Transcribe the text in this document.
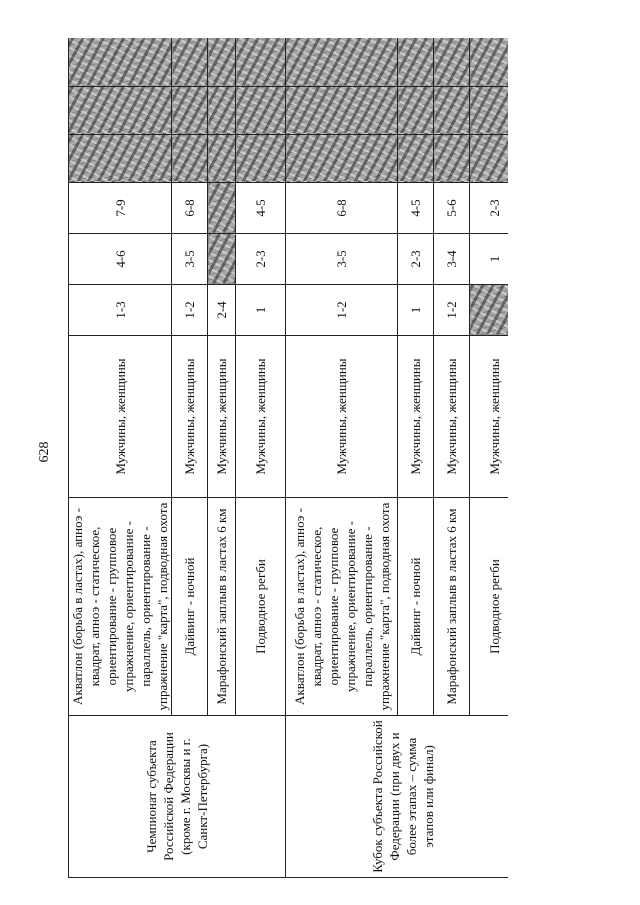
628
Чемпионат субъекта Российской Федерации (кроме г. Москвы и г. Санкт-Петербурга)	Акватлон (борьба в ластах), апноэ - квадрат, апноэ - статическое, ориентирование - групповое упражнение, ориентирование - параллель, ориентирование - упражнение "карта", подводная охота	Мужчины, женщины	1-3	4-6	7-9			
	Дайвинг - ночной	Мужчины, женщины	1-2	3-5	6-8			
	Марафонский заплыв в ластах 6 км	Мужчины, женщины	2-4					
	Подводное регби	Мужчины, женщины	1	2-3	4-5			
Кубок субъекта Российской Федерации (при двух и более этапах – сумма этапов или финал)	Акватлон (борьба в ластах), апноэ - квадрат, апноэ - статическое, ориентирование - групповое упражнение, ориентирование - параллель, ориентирование - упражнение "карта", подводная охота	Мужчины, женщины	1-2	3-5	6-8			
	Дайвинг - ночной	Мужчины, женщины	1	2-3	4-5			
	Марафонский заплыв в ластах 6 км	Мужчины, женщины	1-2	3-4	5-6			
	Подводное регби	Мужчины, женщины		1	2-3			
